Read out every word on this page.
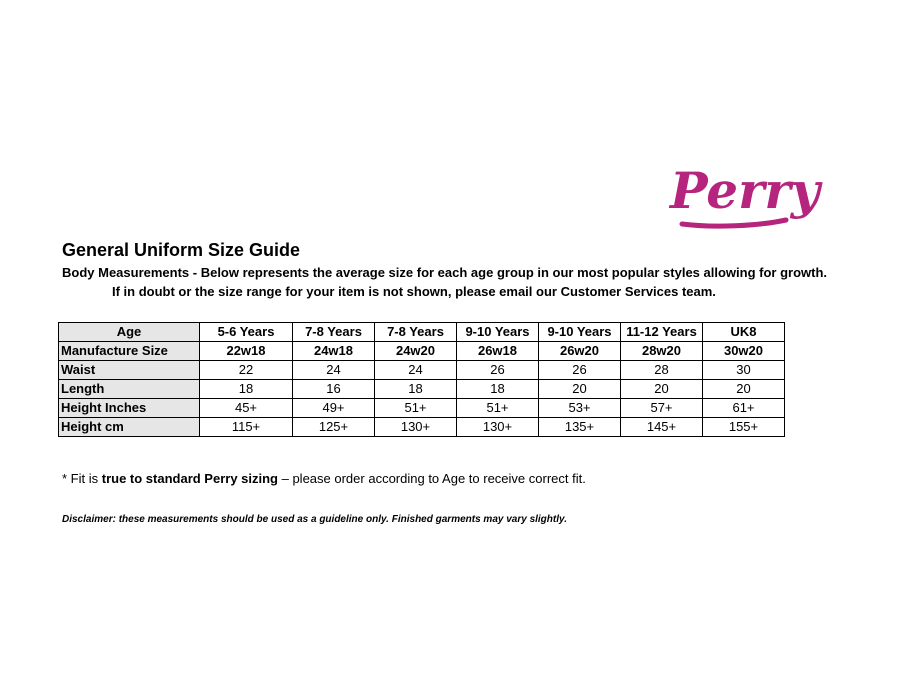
Perry
General Uniform Size Guide
Body Measurements - Below represents the average size for each age group in our most popular styles allowing for growth.
If in doubt or the size range for your item is not shown, please email our Customer Services team.
Age	5-6 Years	7-8 Years	7-8 Years	9-10 Years	9-10 Years	11-12 Years	UK8
Manufacture Size	22w18	24w18	24w20	26w18	26w20	28w20	30w20
Waist	22	24	24	26	26	28	30
Length	18	16	18	18	20	20	20
Height Inches	45+	49+	51+	51+	53+	57+	61+
Height cm	115+	125+	130+	130+	135+	145+	155+
* Fit is true to standard Perry sizing – please order according to Age to receive correct fit.
Disclaimer: these measurements should be used as a guideline only. Finished garments may vary slightly.
